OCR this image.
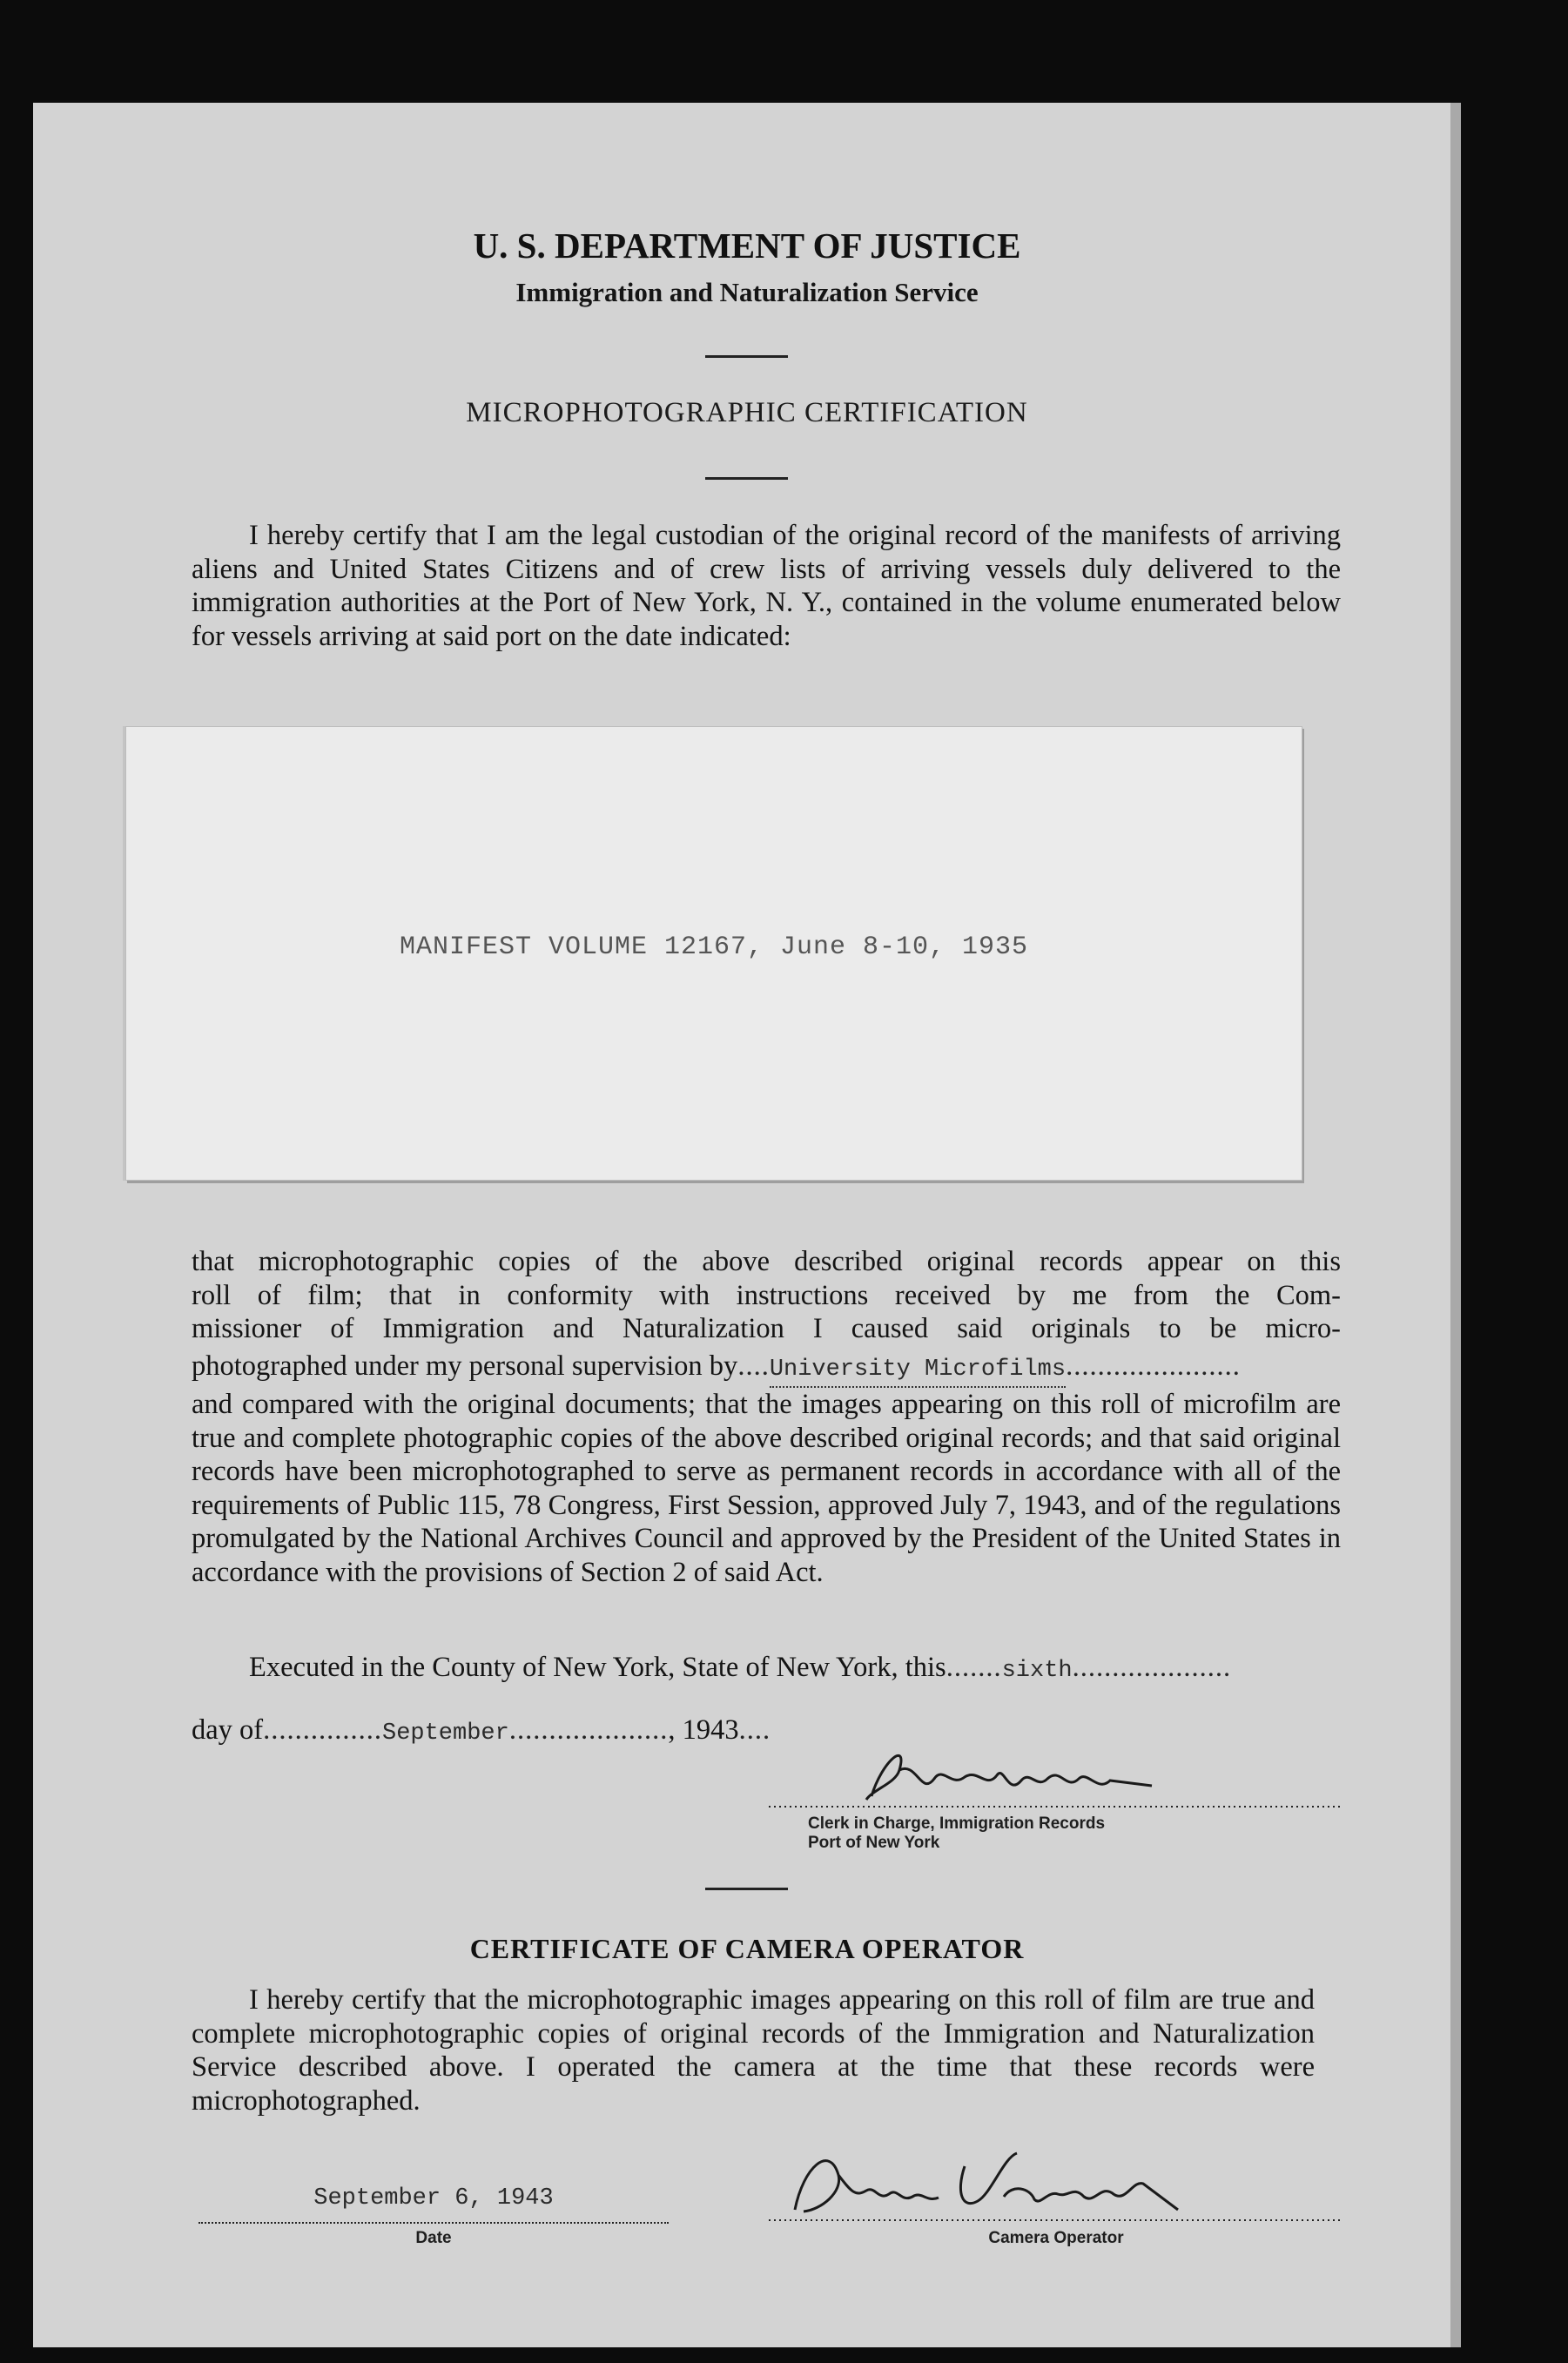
U. S. DEPARTMENT OF JUSTICE
Immigration and Naturalization Service
MICROPHOTOGRAPHIC CERTIFICATION

I hereby certify that I am the legal custodian of the original record of the manifests of arriving aliens and United States Citizens and of crew lists of arriving vessels duly delivered to the immigration authorities at the Port of New York, N. Y., contained in the volume enumerated below for vessels arriving at said port on the date indicated:

MANIFEST VOLUME 12167, June 8-10, 1935
that microphotographic copies of the above described original records appear on this
roll of film; that in conformity with instructions received by me from the Com-
missioner of Immigration and Naturalization I caused said originals to be micro-
photographed under my personal supervision by .... University Microfilms ......................
and compared with the original documents; that the images appearing on this roll of microfilm are true and complete photographic copies of the above described original records; and that said original records have been microphotographed to serve as permanent records in accordance with all of the requirements of Public 115, 78 Congress, First Session, approved July 7, 1943, and of the regulations promulgated by the National Archives Council and approved by the President of the United States in accordance with the provisions of Section 2 of said Act.
Executed in the County of New York, State of New York, this ....... sixth ....................
day of ............... September .................... , 1943 ....
Clerk in Charge, Immigration Records
Port of New York
CERTIFICATE OF CAMERA OPERATOR

I hereby certify that the microphotographic images appearing on this roll of film are true and complete microphotographic copies of original records of the Immigration and Naturalization Service described above. I operated the camera at the time that these records were microphotographed.

September 6, 1943
Date	Camera Operator
